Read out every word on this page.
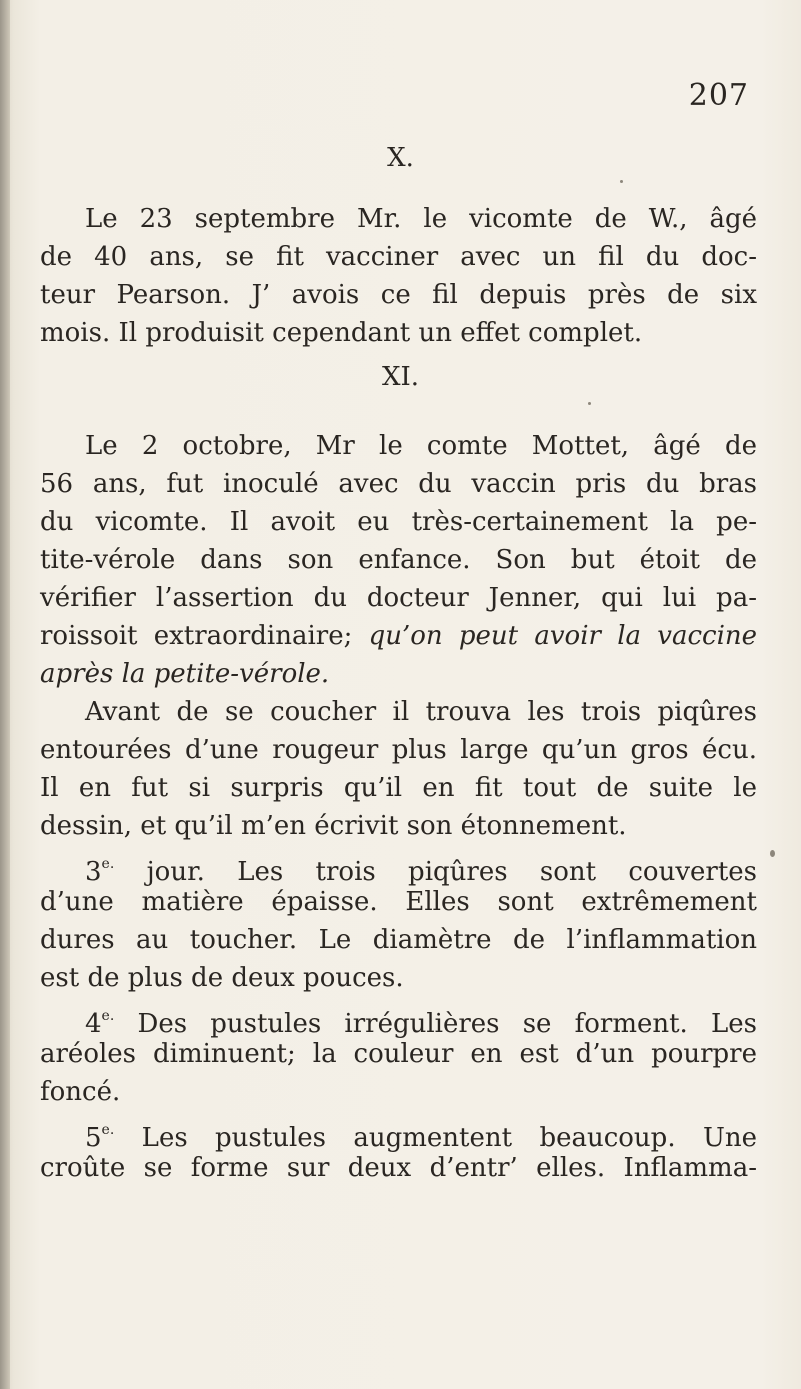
207
X.
Le 23 septembre Mr. le vicomte de W., âgé
de 40 ans, se fit vacciner avec un fil du doc-
teur Pearson. J’ avois ce fil depuis près de six
mois. Il produisit cependant un effet complet.
XI.
Le 2 octobre, Mr le comte Mottet, âgé de
56 ans, fut inoculé avec du vaccin pris du bras
du vicomte. Il avoit eu très-certainement la pe-
tite-vérole dans son enfance. Son but étoit de
vérifier l’assertion du docteur Jenner, qui lui pa-
roissoit extraordinaire; qu’on peut avoir la vaccine
après la petite-vérole.
Avant de se coucher il trouva les trois piqûres
entourées d’une rougeur plus large qu’un gros écu.
Il en fut si surpris qu’il en fit tout de suite le
dessin, et qu’il m’en écrivit son étonnement.
$3^{e.}$ jour. Les trois piqûres sont couvertes
d’une matière épaisse. Elles sont extrêmement
dures au toucher. Le diamètre de l’inflammation
est de plus de deux pouces.
$4^{e.}$ Des pustules irrégulières se forment. Les
aréoles diminuent; la couleur en est d’un pourpre
foncé.
$5^{e.}$ Les pustules augmentent beaucoup. Une
croûte se forme sur deux d’entr’ elles. Inflamma-
